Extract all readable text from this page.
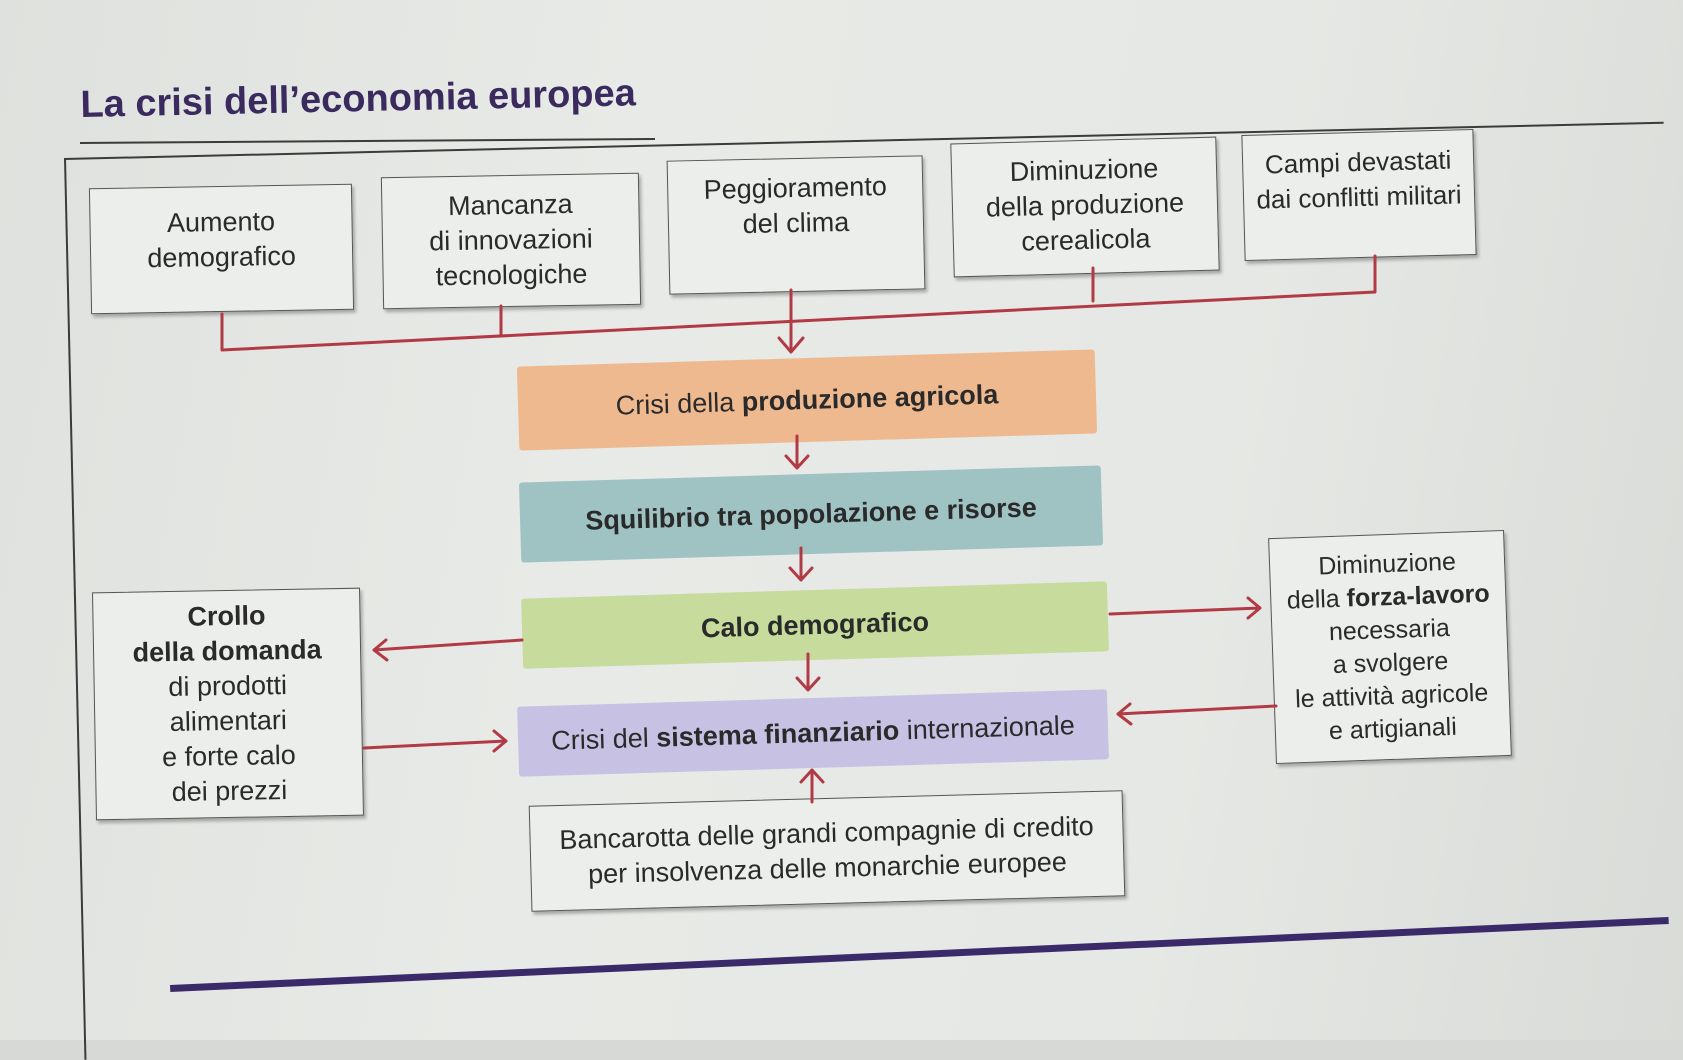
La crisi dell’economia europea
Aumento
demografico
Mancanza
di innovazioni
tecnologiche
Peggioramento
del clima
Diminuzione
della produzione
cerealicola
Campi devastati
dai conflitti militari
Crisi della produzione agricola
Squilibrio tra popolazione e risorse
Calo demografico
Crisi del sistema finanziario internazionale
Crollo
della domanda
di prodotti
alimentari
e forte calo
dei prezzi
Diminuzione
della forza-lavoro
necessaria
a svolgere
le attività agricole
e artigianali
Bancarotta delle grandi compagnie di credito
per insolvenza delle monarchie europee
